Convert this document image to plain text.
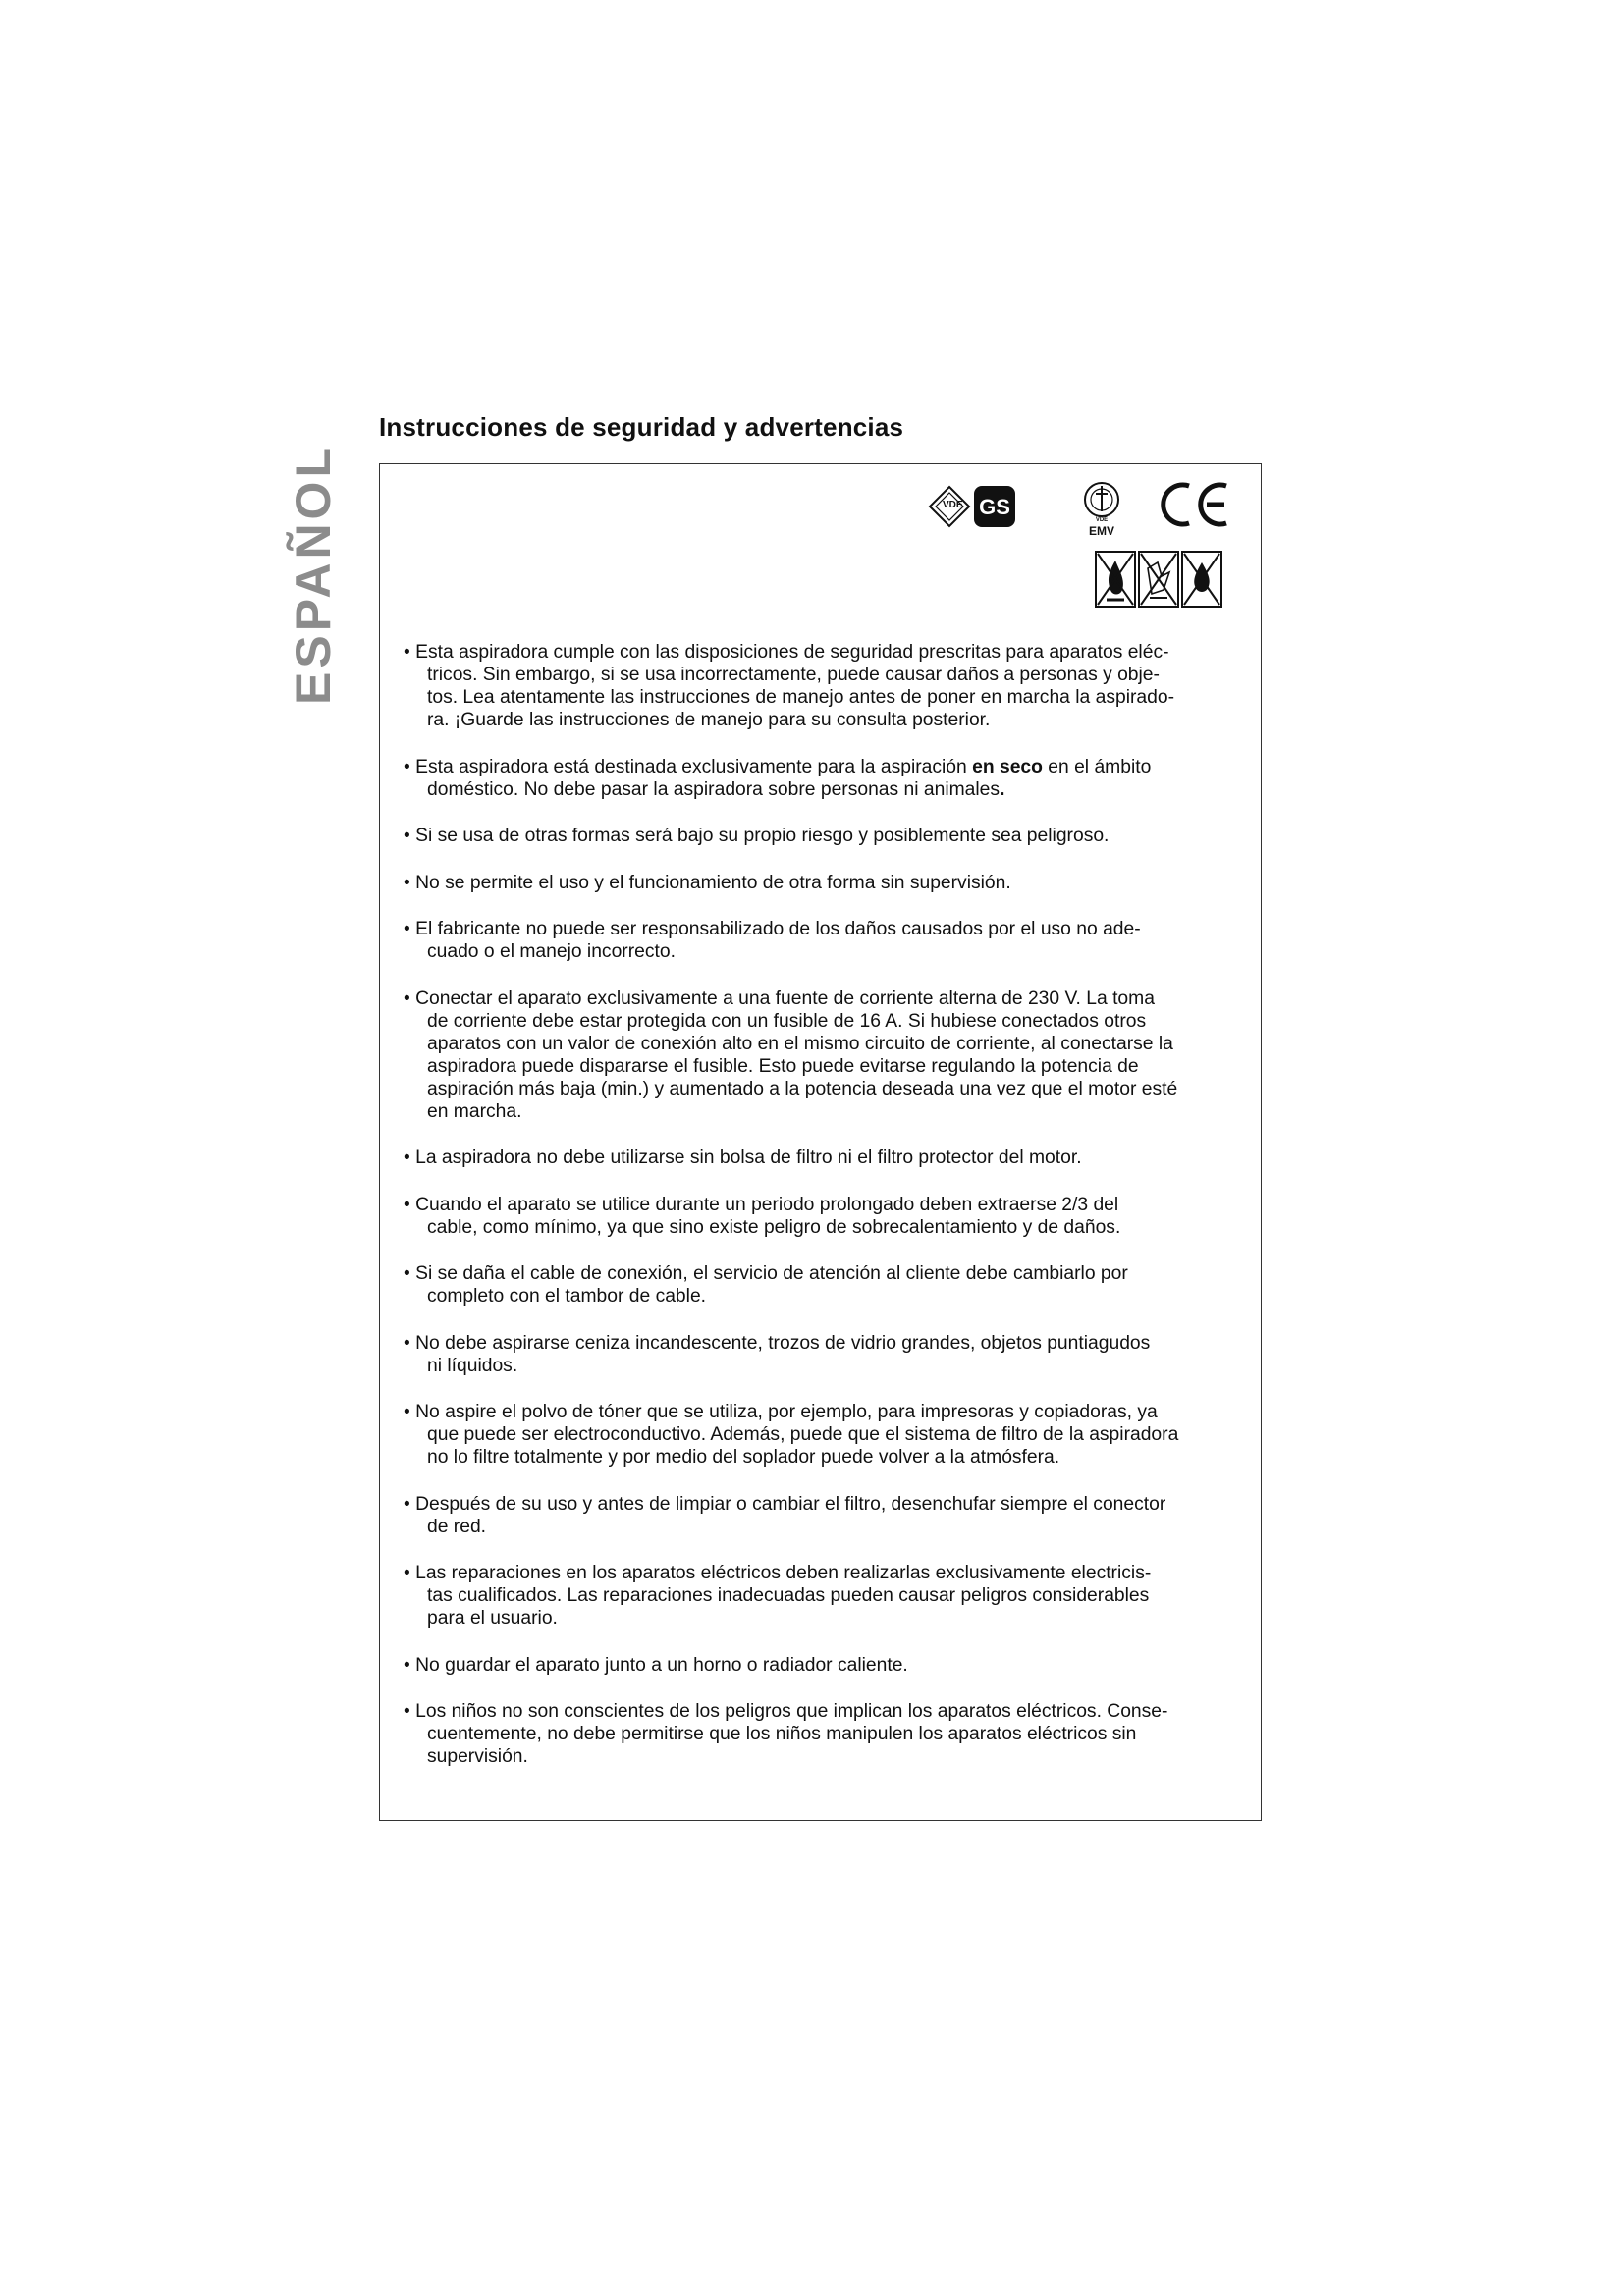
ESPAÑOL
Instrucciones de seguridad y advertencias
VDE GS
VDE
EMV
• Esta aspiradora cumple con las disposiciones de seguridad prescritas para aparatos eléc-
tricos. Sin embargo, si se usa incorrectamente, puede causar daños a personas y obje-
tos. Lea atentamente las instrucciones de manejo antes de poner en marcha la aspirado-
ra. ¡Guarde las instrucciones de manejo para su consulta posterior.
• Esta aspiradora está destinada exclusivamente para la aspiración en seco en el ámbito
doméstico. No debe pasar la aspiradora sobre personas ni animales.
• Si se usa de otras formas será bajo su propio riesgo y posiblemente sea peligroso.
• No se permite el uso y el funcionamiento de otra forma sin supervisión.
• El fabricante no puede ser responsabilizado de los daños causados por el uso no ade-
cuado o el manejo incorrecto.
• Conectar el aparato exclusivamente a una fuente de corriente alterna de 230 V. La toma
de corriente debe estar protegida con un fusible de 16 A. Si hubiese conectados otros
aparatos con un valor de conexión alto en el mismo circuito de corriente, al conectarse la
aspiradora puede dispararse el fusible. Esto puede evitarse regulando la potencia de
aspiración más baja (min.) y aumentado a la potencia deseada una vez que el motor esté
en marcha.
• La aspiradora no debe utilizarse sin bolsa de filtro ni el filtro protector del motor.
• Cuando el aparato se utilice durante un periodo prolongado deben extraerse 2/3 del
cable, como mínimo, ya que sino existe peligro de sobrecalentamiento y de daños.
• Si se daña el cable de conexión, el servicio de atención al cliente debe cambiarlo por
completo con el tambor de cable.
• No debe aspirarse ceniza incandescente, trozos de vidrio grandes, objetos puntiagudos
ni líquidos.
• No aspire el polvo de tóner que se utiliza, por ejemplo, para impresoras y copiadoras, ya
que puede ser electroconductivo. Además, puede que el sistema de filtro de la aspiradora
no lo filtre totalmente y por medio del soplador puede volver a la atmósfera.
• Después de su uso y antes de limpiar o cambiar el filtro, desenchufar siempre el conector
de red.
• Las reparaciones en los aparatos eléctricos deben realizarlas exclusivamente electricis-
tas cualificados. Las reparaciones inadecuadas pueden causar peligros considerables
para el usuario.
• No guardar el aparato junto a un horno o radiador caliente.
• Los niños no son conscientes de los peligros que implican los aparatos eléctricos. Conse-
cuentemente, no debe permitirse que los niños manipulen los aparatos eléctricos sin
supervisión.
